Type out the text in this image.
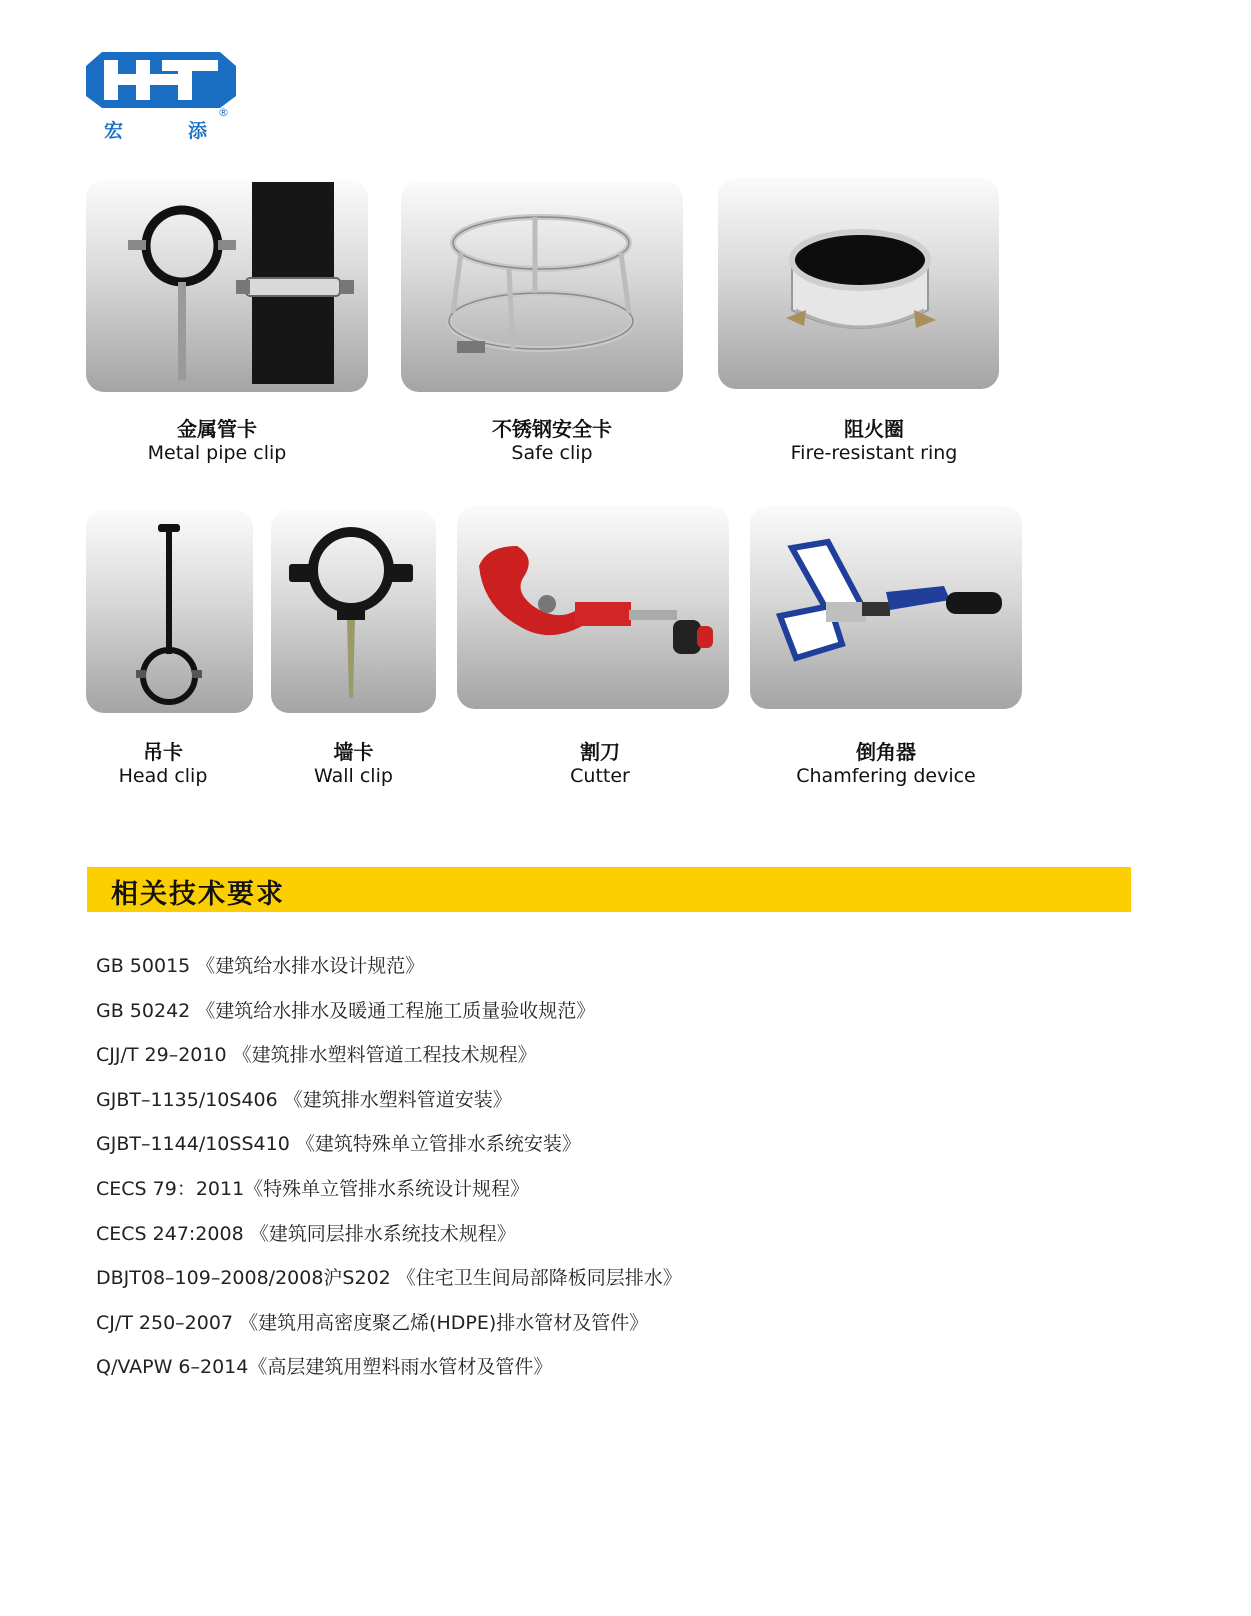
宏	添
®
金属管卡
Metal pipe clip
不锈钢安全卡
Safe clip
阻火圈
Fire-resistant ring
吊卡
Head clip
墙卡
Wall clip
割刀
Cutter
倒角器
Chamfering device
相关技术要求
GB 50015 《建筑给水排水设计规范》
GB 50242 《建筑给水排水及暖通工程施工质量验收规范》
CJJ/T 29–2010 《建筑排水塑料管道工程技术规程》
GJBT–1135/10S406 《建筑排水塑料管道安装》
GJBT–1144/10SS410 《建筑特殊单立管排水系统安装》
CECS 79：2011《特殊单立管排水系统设计规程》
CECS 247:2008 《建筑同层排水系统技术规程》
DBJT08–109–2008/2008沪S202 《住宅卫生间局部降板同层排水》
CJ/T 250–2007 《建筑用高密度聚乙烯(HDPE)排水管材及管件》
Q/VAPW 6–2014《高层建筑用塑料雨水管材及管件》
